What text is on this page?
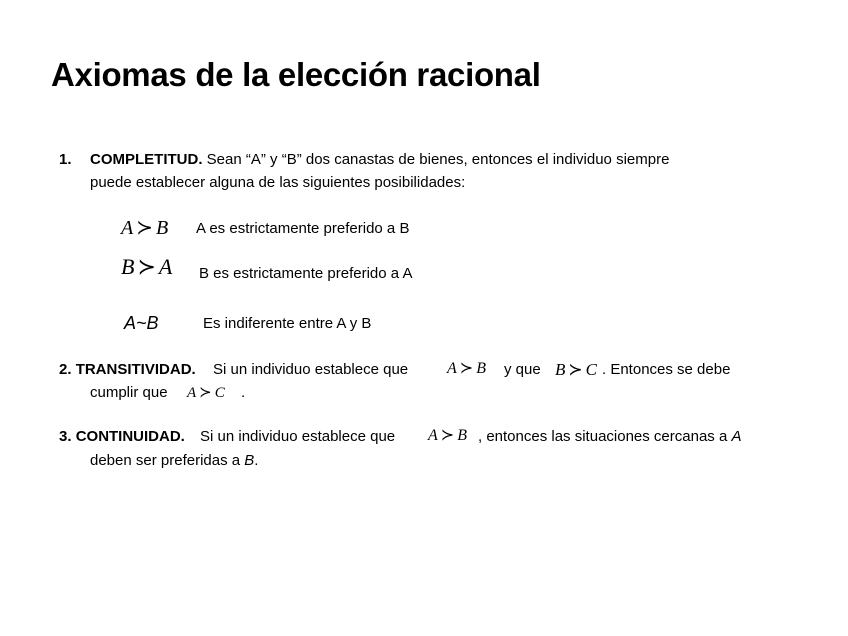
Axiomas de la elección racional
1. COMPLETITUD. Sean “A” y “B” dos canastas de bienes, entonces el individuo siempre
puede establecer alguna de las siguientes posibilidades:
A ≻ B A es estrictamente preferido a B
B ≻ A B es estrictamente preferido a A
A~B	Es indiferente entre A y B
2. TRANSITIVIDAD. Si un individuo establece que A ≻ B y que B ≻ C . Entonces se debe
cumplir que A ≻ C .
3. CONTINUIDAD. Si un individuo establece que A ≻ B , entonces las situaciones cercanas a A
deben ser preferidas a B.
